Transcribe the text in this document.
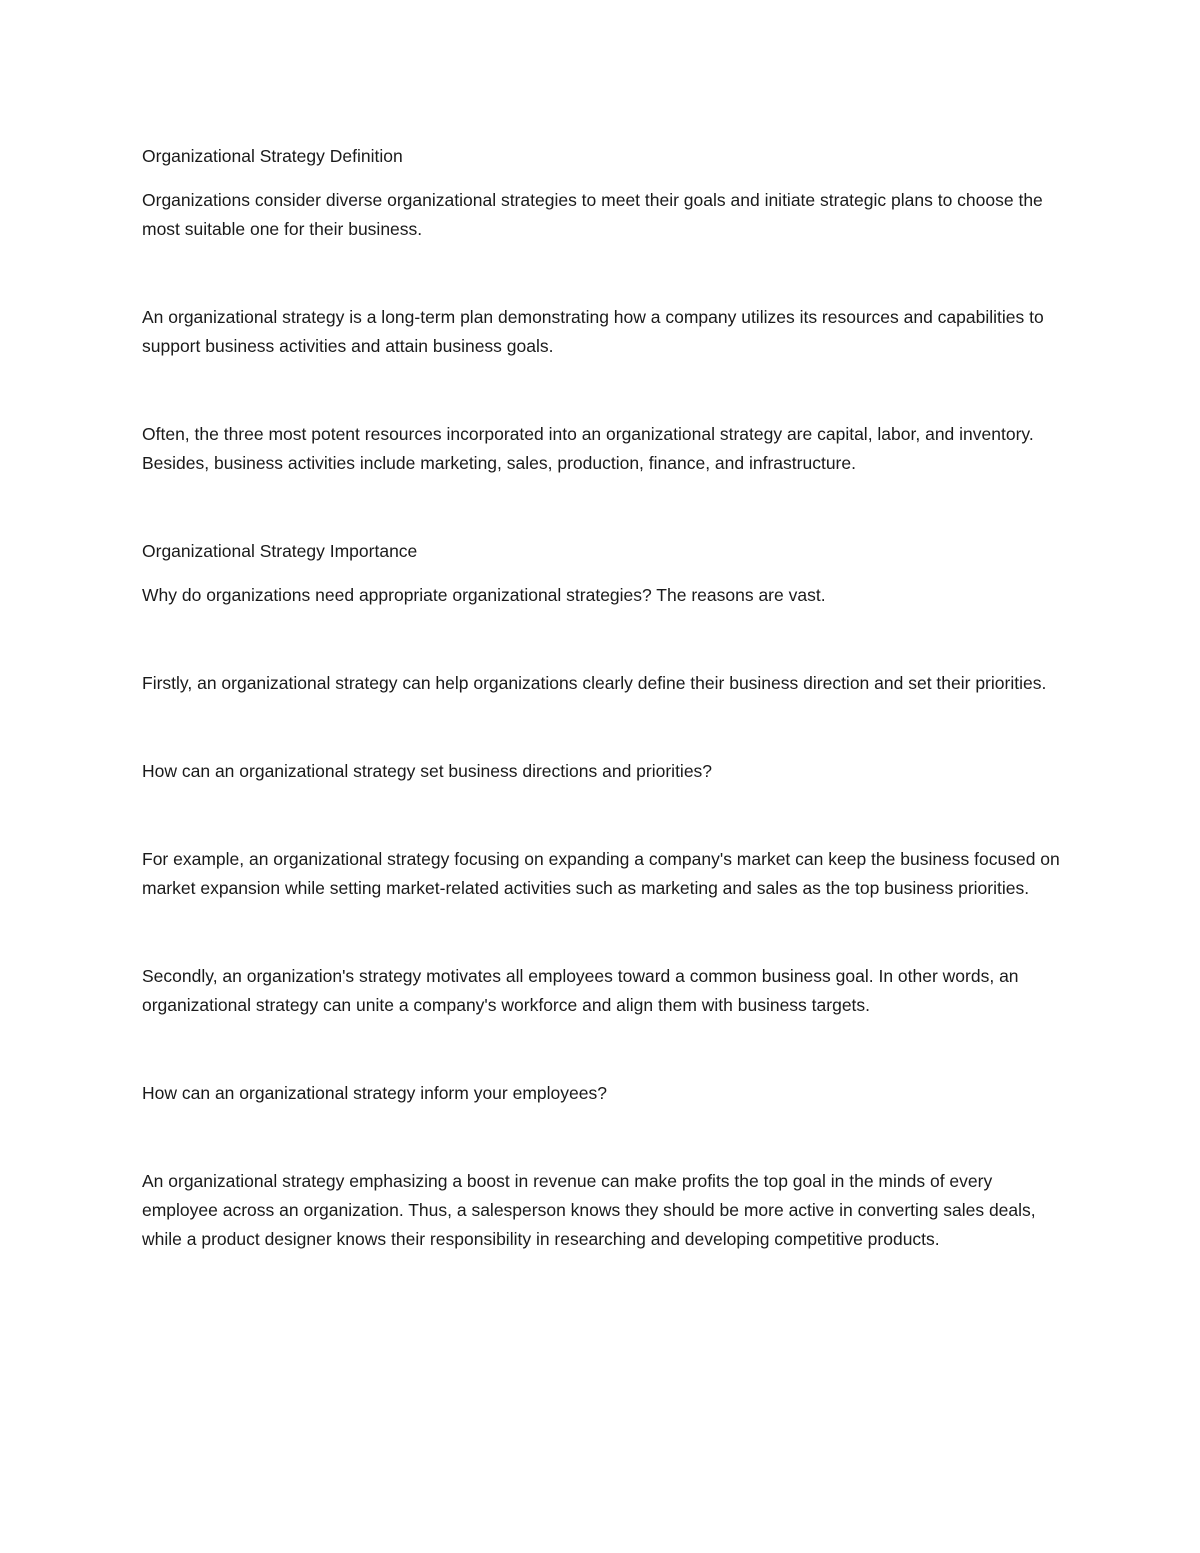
Organizational Strategy Definition

Organizations consider diverse organizational strategies to meet their goals and initiate strategic plans to choose the most suitable one for their business.

An organizational strategy is a long-term plan demonstrating how a company utilizes its resources and capabilities to support business activities and attain business goals.

Often, the three most potent resources incorporated into an organizational strategy are capital, labor, and inventory. Besides, business activities include marketing, sales, production, finance, and infrastructure.

Organizational Strategy Importance

Why do organizations need appropriate organizational strategies? The reasons are vast.

Firstly, an organizational strategy can help organizations clearly define their business direction and set their priorities.

How can an organizational strategy set business directions and priorities?

For example, an organizational strategy focusing on expanding a company's market can keep the business focused on market expansion while setting market-related activities such as marketing and sales as the top business priorities.

Secondly, an organization's strategy motivates all employees toward a common business goal. In other words, an organizational strategy can unite a company's workforce and align them with business targets.

How can an organizational strategy inform your employees?

An organizational strategy emphasizing a boost in revenue can make profits the top goal in the minds of every employee across an organization. Thus, a salesperson knows they should be more active in converting sales deals, while a product designer knows their responsibility in researching and developing competitive products.
